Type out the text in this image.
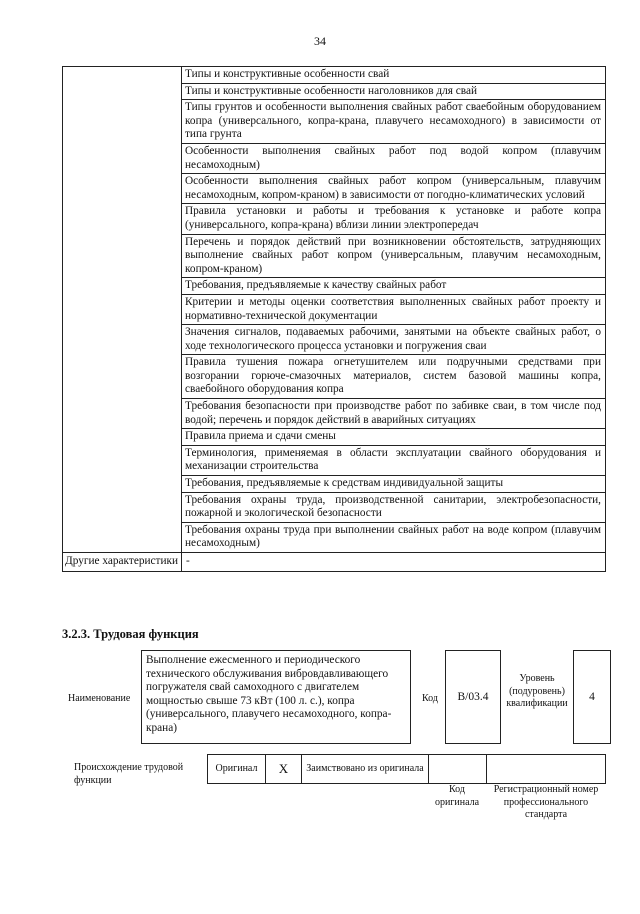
34
Типы и конструктивные особенности свай
Типы и конструктивные особенности наголовников для свай
Типы грунтов и особенности выполнения свайных работ сваебойным оборудованием копра (универсального, копра-крана, плавучего несамоходного) в зависимости от типа грунта
Особенности выполнения свайных работ под водой копром (плавучим несамоходным)
Особенности выполнения свайных работ копром (универсальным, плавучим несамоходным, копром-краном) в зависимости от погодно-климатических условий
Правила установки и работы и требования к установке и работе копра (универсального, копра-крана) вблизи линии электропередач
Перечень и порядок действий при возникновении обстоятельств, затрудняющих выполнение свайных работ копром (универсальным, плавучим несамоходным, копром-краном)
Требования, предъявляемые к качеству свайных работ
Критерии и методы оценки соответствия выполненных свайных работ проекту и нормативно-технической документации
Значения сигналов, подаваемых рабочими, занятыми на объекте свайных работ, о ходе технологического процесса установки и погружения сваи
Правила тушения пожара огнетушителем или подручными средствами при возгорании горюче-смазочных материалов, систем базовой машины копра, сваебойного оборудования копра
Требования безопасности при производстве работ по забивке сваи, в том числе под водой; перечень и порядок действий в аварийных ситуациях
Правила приема и сдачи смены
Терминология, применяемая в области эксплуатации свайного оборудования и механизации строительства
Требования, предъявляемые к средствам индивидуальной защиты
Требования охраны труда, производственной санитарии, электробезопасности, пожарной и экологической безопасности
Требования охраны труда при выполнении свайных работ на воде копром (плавучим несамоходным)
Другие характеристики -
3.2.3. Трудовая функция
Наименование
Выполнение ежесменного и периодического технического обслуживания вибровдавливающего погружателя свай самоходного с двигателем мощностью свыше 73 кВт (100 л. с.), копра (универсального, плавучего несамоходного, копра-крана)
Код	B/03.4
Уровень (подуровень) квалификации
4
Происхождение трудовой функции
Оригинал	X	Заимствовано из оригинала
Код оригинала
Регистрационный номер профессионального стандарта
